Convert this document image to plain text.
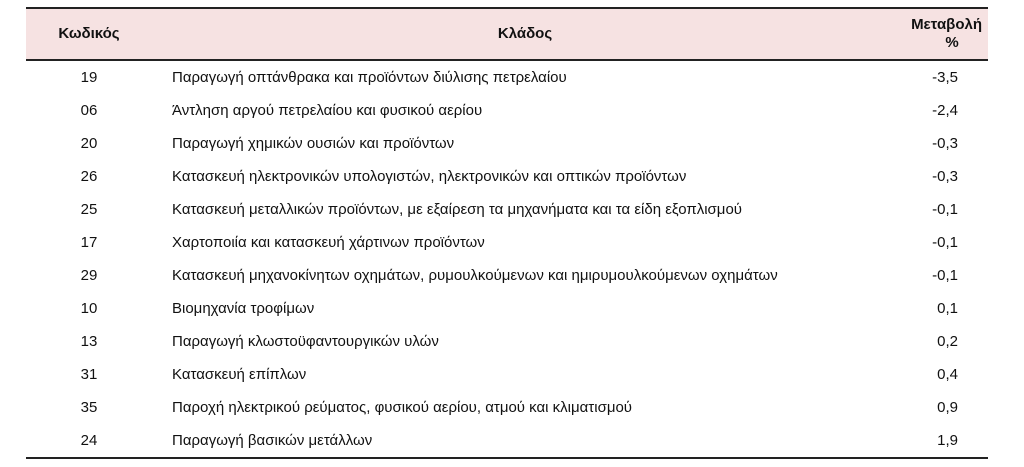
Κωδικός	Κλάδος	Μεταβολή
%

19	Παραγωγή οπτάνθρακα και προϊόντων διύλισης πετρελαίου	-3,5
06	Άντληση αργού πετρελαίου και φυσικού αερίου	-2,4
20	Παραγωγή χημικών ουσιών και προϊόντων	-0,3
26	Κατασκευή ηλεκτρονικών υπολογιστών, ηλεκτρονικών και οπτικών προϊόντων	-0,3
25	Κατασκευή μεταλλικών προϊόντων, με εξαίρεση τα μηχανήματα και τα είδη εξοπλισμού	-0,1
17	Χαρτοποιία και κατασκευή χάρτινων προϊόντων	-0,1
29	Κατασκευή μηχανοκίνητων οχημάτων, ρυμουλκούμενων και ημιρυμουλκούμενων οχημάτων	-0,1
10	Βιομηχανία τροφίμων	0,1
13	Παραγωγή κλωστοϋφαντουργικών υλών	0,2
31	Κατασκευή επίπλων	0,4
35	Παροχή ηλεκτρικού ρεύματος, φυσικού αερίου, ατμού και κλιματισμού	0,9
24	Παραγωγή βασικών μετάλλων	1,9
